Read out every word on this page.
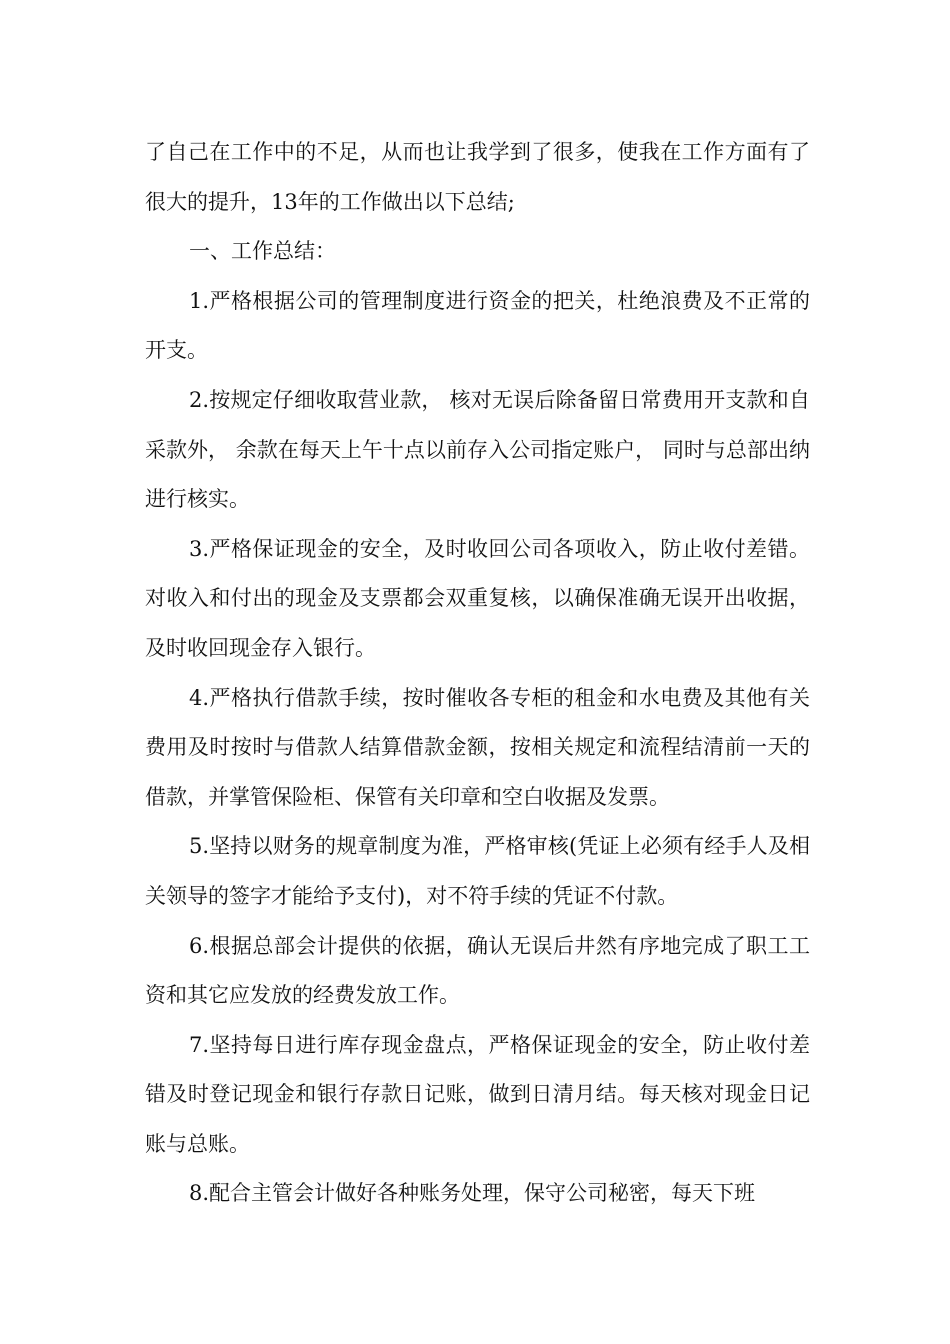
了自己在工作中的不足，从而也让我学到了很多，使我在工作方面有了很大的提升，13年的工作做出以下总结;

一、工作总结：

1.严格根据公司的管理制度进行资金的把关，杜绝浪费及不正常的开支。

2.按规定仔细收取营业款， 核对无误后除备留日常费用开支款和自采款外， 余款在每天上午十点以前存入公司指定账户， 同时与总部出纳进行核实。

3.严格保证现金的安全，及时收回公司各项收入，防止收付差错。对收入和付出的现金及支票都会双重复核，以确保准确无误开出收据，及时收回现金存入银行。

4.严格执行借款手续，按时催收各专柜的租金和水电费及其他有关费用及时按时与借款人结算借款金额，按相关规定和流程结清前一天的借款，并掌管保险柜、保管有关印章和空白收据及发票。

5.坚持以财务的规章制度为准，严格审核(凭证上必须有经手人及相关领导的签字才能给予支付)，对不符手续的凭证不付款。

6.根据总部会计提供的依据，确认无误后井然有序地完成了职工工资和其它应发放的经费发放工作。

7.坚持每日进行库存现金盘点，严格保证现金的安全，防止收付差错及时登记现金和银行存款日记账，做到日清月结。每天核对现金日记账与总账。

8.配合主管会计做好各种账务处理，保守公司秘密，每天下班
